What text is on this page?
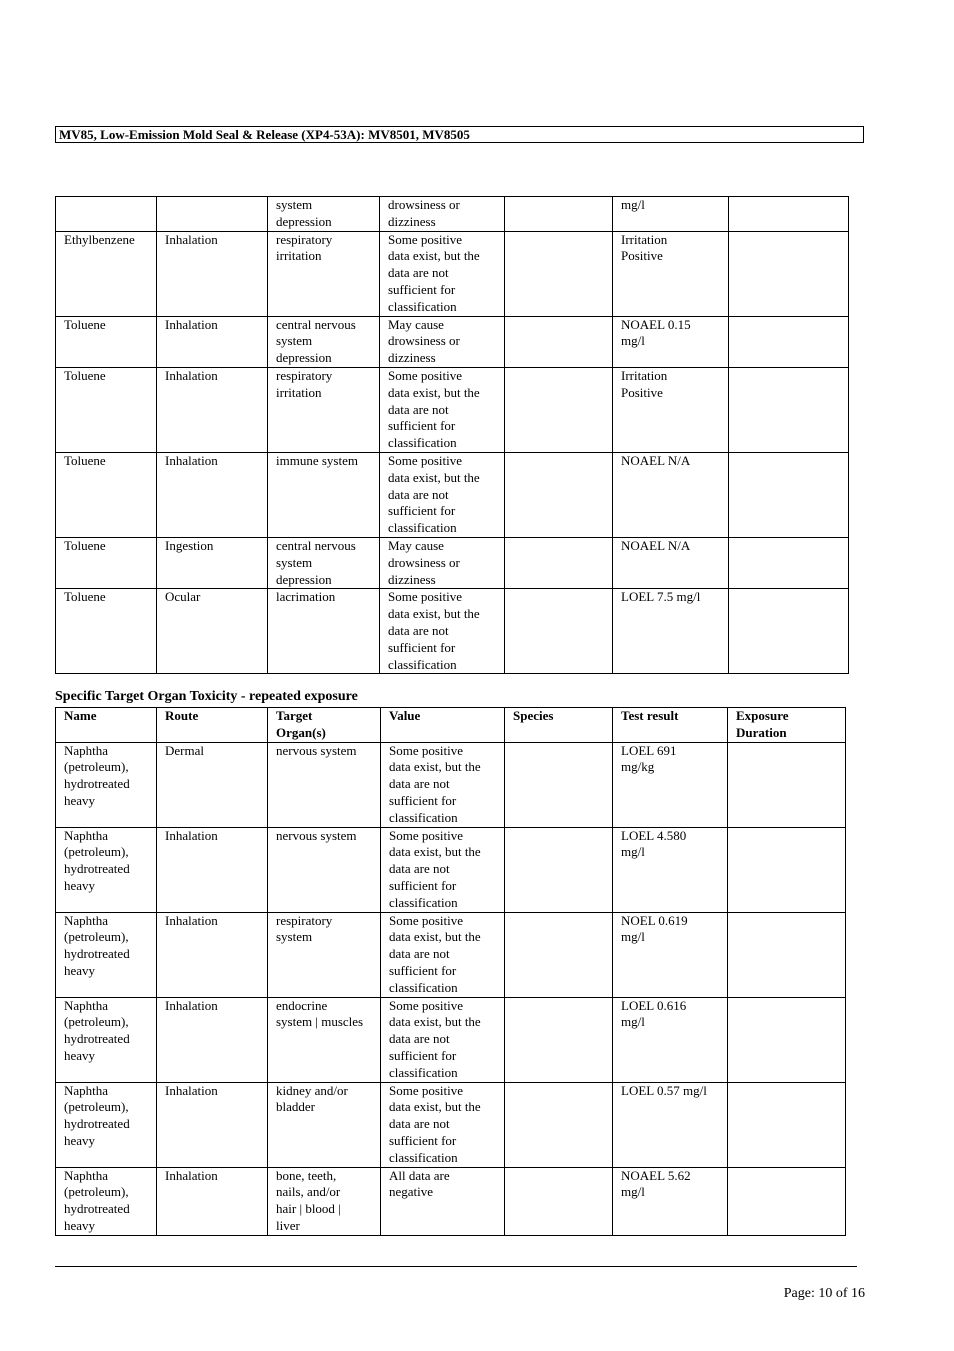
MV85, Low-Emission Mold Seal & Release (XP4-53A): MV8501, MV8505
		system
depression	drowsiness or
dizziness		mg/l	
Ethylbenzene	Inhalation	respiratory
irritation	Some positive
data exist, but the
data are not
sufficient for
classification		Irritation
Positive	
Toluene	Inhalation	central nervous
system
depression	May cause
drowsiness or
dizziness		NOAEL 0.15
mg/l	
Toluene	Inhalation	respiratory
irritation	Some positive
data exist, but the
data are not
sufficient for
classification		Irritation
Positive	
Toluene	Inhalation	immune system	Some positive
data exist, but the
data are not
sufficient for
classification		NOAEL N/A	
Toluene	Ingestion	central nervous
system
depression	May cause
drowsiness or
dizziness		NOAEL N/A	
Toluene	Ocular	lacrimation	Some positive
data exist, but the
data are not
sufficient for
classification		LOEL 7.5 mg/l	
Specific Target Organ Toxicity - repeated exposure
Name	Route	Target
Organ(s)	Value	Species	Test result	Exposure
Duration
Naphtha
(petroleum),
hydrotreated
heavy	Dermal	nervous system	Some positive
data exist, but the
data are not
sufficient for
classification		LOEL 691
mg/kg	
Naphtha
(petroleum),
hydrotreated
heavy	Inhalation	nervous system	Some positive
data exist, but the
data are not
sufficient for
classification		LOEL 4.580
mg/l	
Naphtha
(petroleum),
hydrotreated
heavy	Inhalation	respiratory
system	Some positive
data exist, but the
data are not
sufficient for
classification		NOEL 0.619
mg/l	
Naphtha
(petroleum),
hydrotreated
heavy	Inhalation	endocrine
system | muscles	Some positive
data exist, but the
data are not
sufficient for
classification		LOEL 0.616
mg/l	
Naphtha
(petroleum),
hydrotreated
heavy	Inhalation	kidney and/or
bladder	Some positive
data exist, but the
data are not
sufficient for
classification		LOEL 0.57 mg/l	
Naphtha
(petroleum),
hydrotreated
heavy	Inhalation	bone, teeth,
nails, and/or
hair | blood |
liver	All data are
negative		NOAEL 5.62
mg/l	
Page: 10 of 16
